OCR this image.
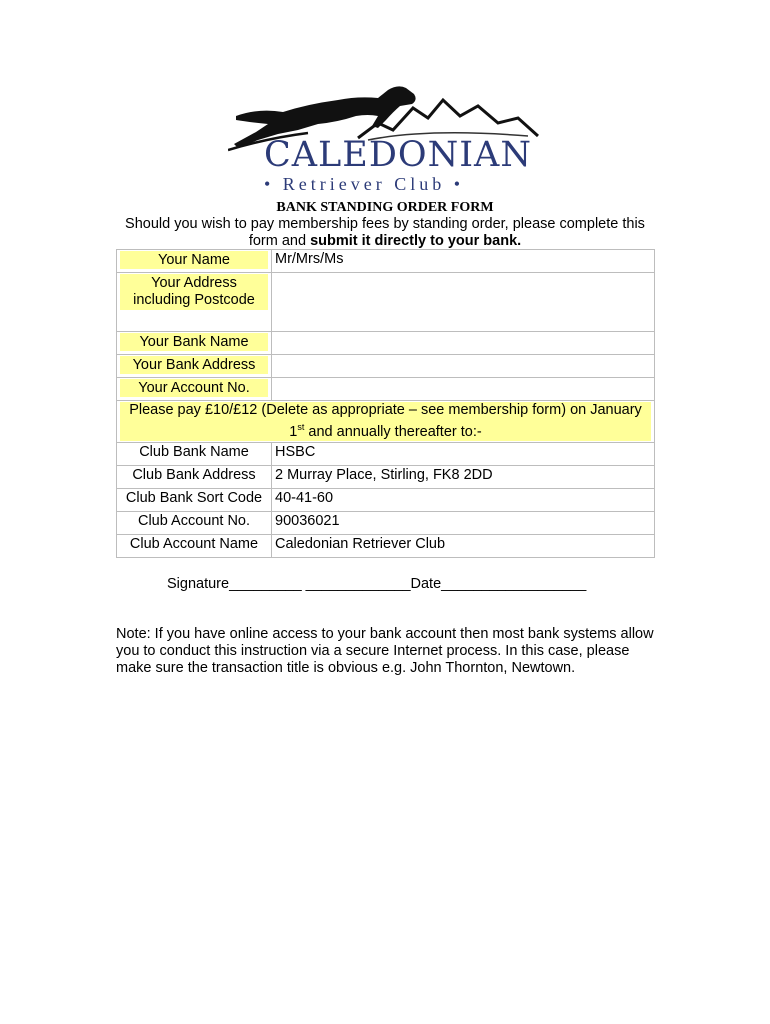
CALEDONIAN
• Retriever Club •
BANK STANDING ORDER FORM
Should you wish to pay membership fees by standing order, please complete this form and submit it directly to your bank.
Your Name	Mr/Mrs/Ms

Your Address including Postcode	

Your Bank Name	

Your Bank Address	

Your Account No.	

Please pay £10/£12 (Delete as appropriate – see membership form) on January 1st and annually thereafter to:-	

Club Bank Name	HSBC
Club Bank Address	2 Murray Place, Stirling, FK8 2DD
Club Bank Sort Code	40-41-60
Club Account No.	90036021
Club Account Name	Caledonian Retriever Club
Signature_________ _____________Date__________________
Note: If you have online access to your bank account then most bank systems allow you to conduct this instruction via a secure Internet process. In this case, please make sure the transaction title is obvious e.g. John Thornton, Newtown.
